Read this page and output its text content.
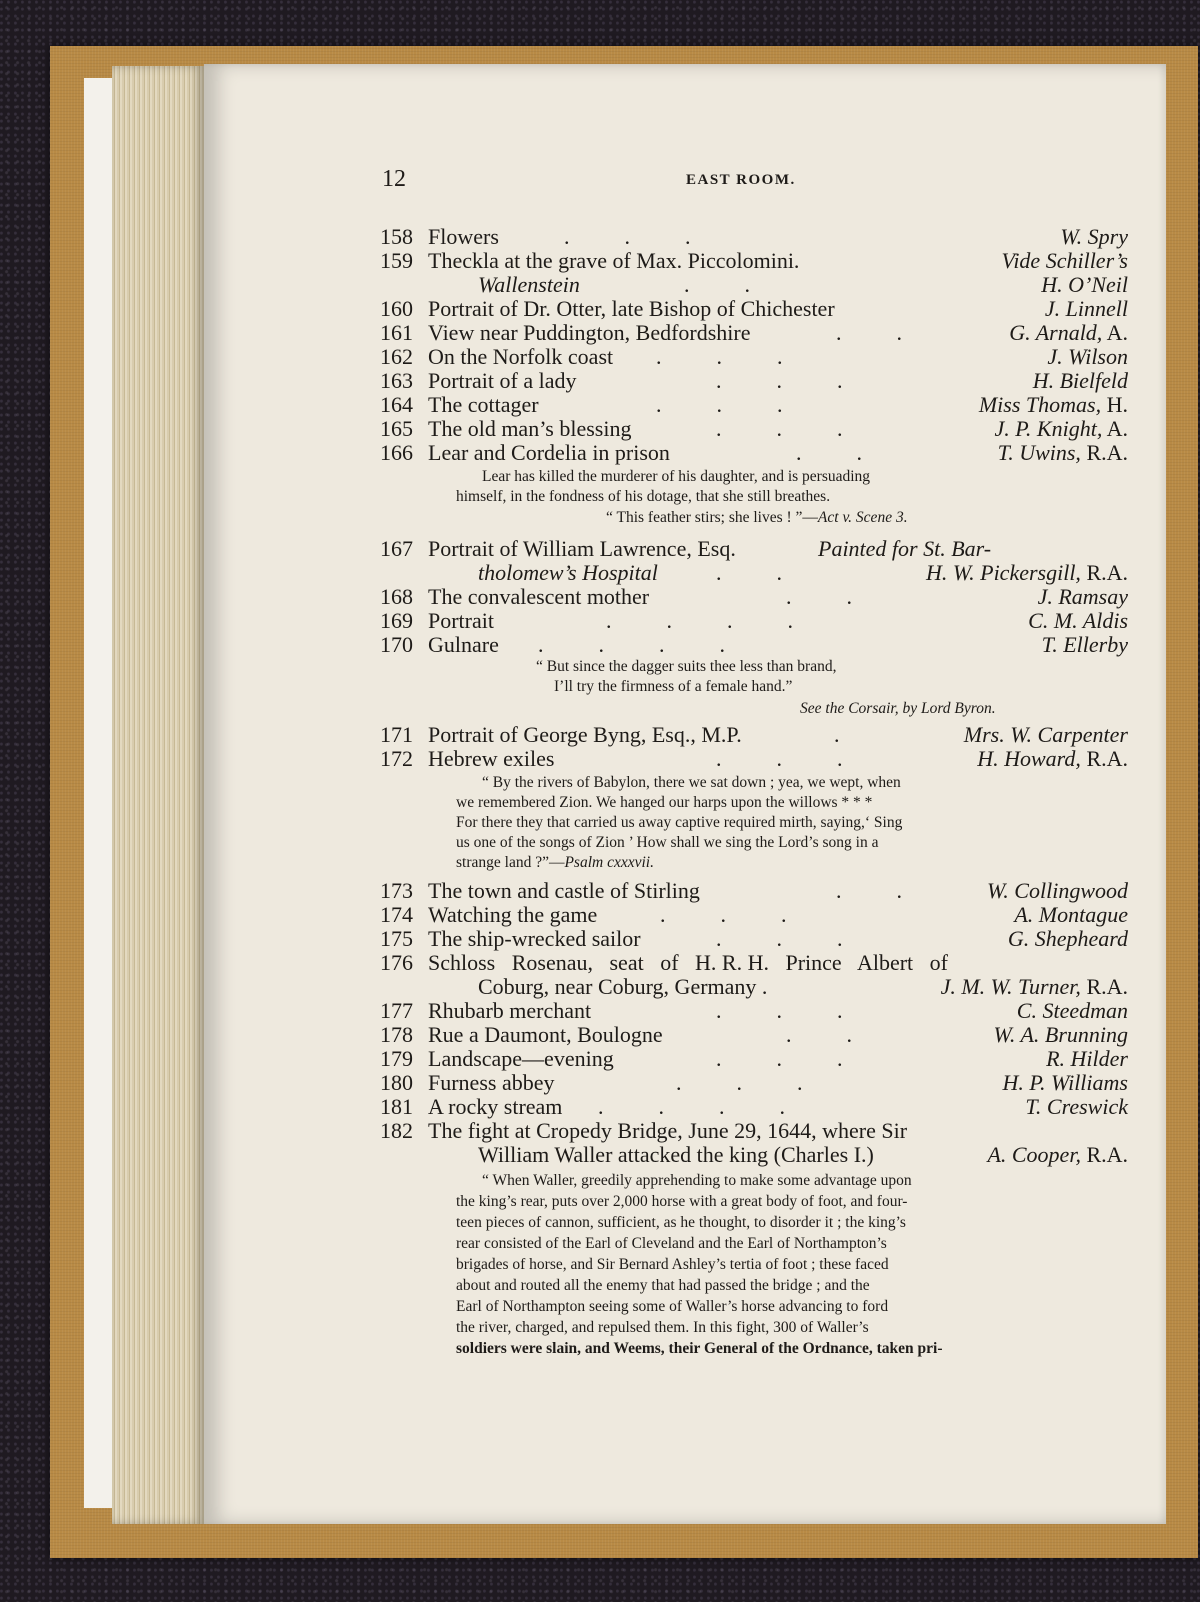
12	EAST ROOM.
158 Flowers	.          .          .	W. Spry
159 Theckla at the grave of Max. Piccolomini.	Vide Schiller’s
Wallenstein	.          .	H. O’Neil
160 Portrait of Dr. Otter, late Bishop of Chichester	J. Linnell
161 View near Puddington, Bedfordshire	.          .	G. Arnald, A.
162 On the Norfolk coast .          .          .	J. Wilson
163 Portrait of a lady	.          .          .	H. Bielfeld
164 The cottager	.          .          .	Miss Thomas, H.
165 The old man’s blessing	.          .          .	J. P. Knight, A.
166 Lear and Cordelia in prison	.          .	T. Uwins, R.A.
Lear has killed the murderer of his daughter, and is persuading
himself, in the fondness of his dotage, that she still breathes.
“ This feather stirs; she lives ! ”—Act v. Scene 3.
167 Portrait of William Lawrence, Esq.	Painted for St. Bar-
tholomew’s Hospital	.          .	H. W. Pickersgill, R.A.
168 The convalescent mother	.          .	J. Ramsay
169 Portrait	.          .          .          .	C. M. Aldis
170 Gulnare .          .          .          .	T. Ellerby
“ But since the dagger suits thee less than brand,
I’ll try the firmness of a female hand.”
See the Corsair, by Lord Byron.
171 Portrait of George Byng, Esq., M.P.	.	Mrs. W. Carpenter
172 Hebrew exiles	.          .          .	H. Howard, R.A.
“ By the rivers of Babylon, there we sat down ; yea, we wept, when
we remembered Zion. We hanged our harps upon the willows * * *
For there they that carried us away captive required mirth, saying,‘ Sing
us one of the songs of Zion ’ How shall we sing the Lord’s song in a
strange land ?”—Psalm cxxxvii.
173 The town and castle of Stirling	.          .	W. Collingwood
174 Watching the game	.          .          .	A. Montague
175 The ship-wrecked sailor	.          .          .	G. Shepheard
176 Schloss   Rosenau,   seat   of   H. R. H.   Prince   Albert   of
Coburg, near Coburg, Germany .	J. M. W. Turner, R.A.
177 Rhubarb merchant	.          .          .	C. Steedman
178 Rue a Daumont, Boulogne	.          .	W. A. Brunning
179 Landscape—evening	.          .          .	R. Hilder
180 Furness abbey	.          .          .	H. P. Williams
181 A rocky stream .          .          .          .	T. Creswick
182 The fight at Cropedy Bridge, June 29, 1644, where Sir
William Waller attacked the king (Charles I.)	A. Cooper, R.A.
“ When Waller, greedily apprehending to make some advantage upon
the king’s rear, puts over 2,000 horse with a great body of foot, and four-
teen pieces of cannon, sufficient, as he thought, to disorder it ; the king’s
rear consisted of the Earl of Cleveland and the Earl of Northampton’s
brigades of horse, and Sir Bernard Ashley’s tertia of foot ; these faced
about and routed all the enemy that had passed the bridge ; and the
Earl of Northampton seeing some of Waller’s horse advancing to ford
the river, charged, and repulsed them. In this fight, 300 of Waller’s
soldiers were slain, and Weems, their General of the Ordnance, taken pri-
